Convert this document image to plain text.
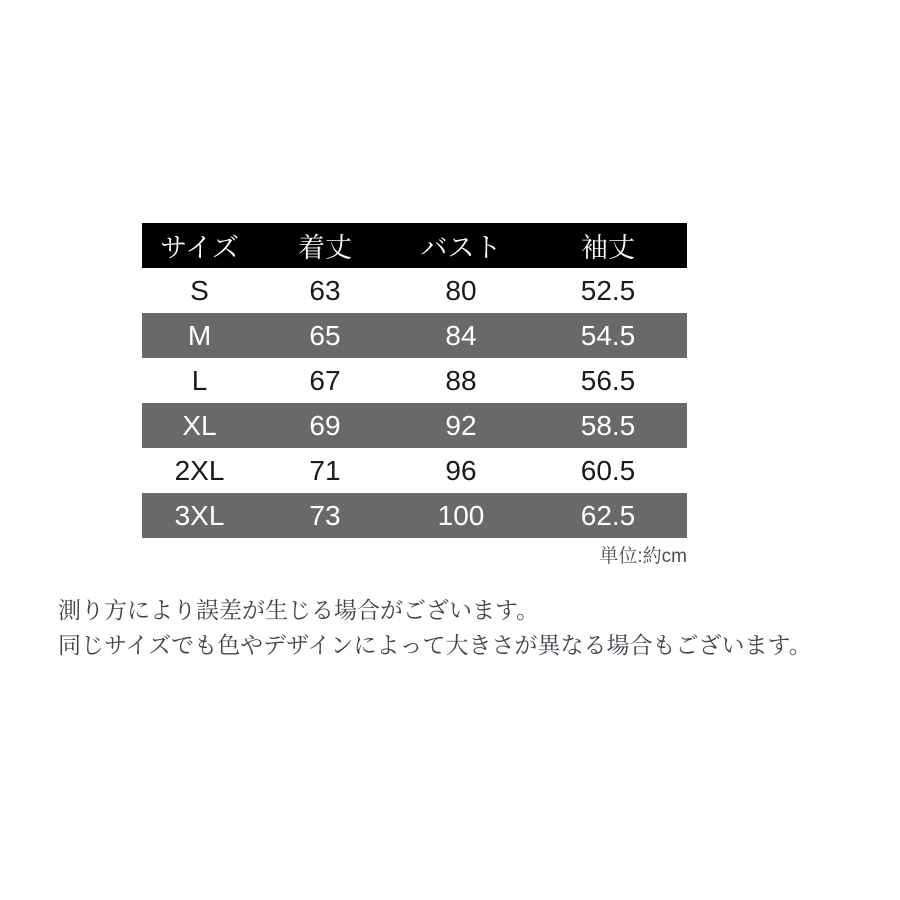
サイズ	着丈	バスト	袖丈
S	63	80	52.5
M	65	84	54.5
L	67	88	56.5
XL	69	92	58.5
2XL	71	96	60.5
3XL	73	100	62.5
単位:約cm

測り方により誤差が生じる場合がございます。

同じサイズでも色やデザインによって大きさが異なる場合もございます。
